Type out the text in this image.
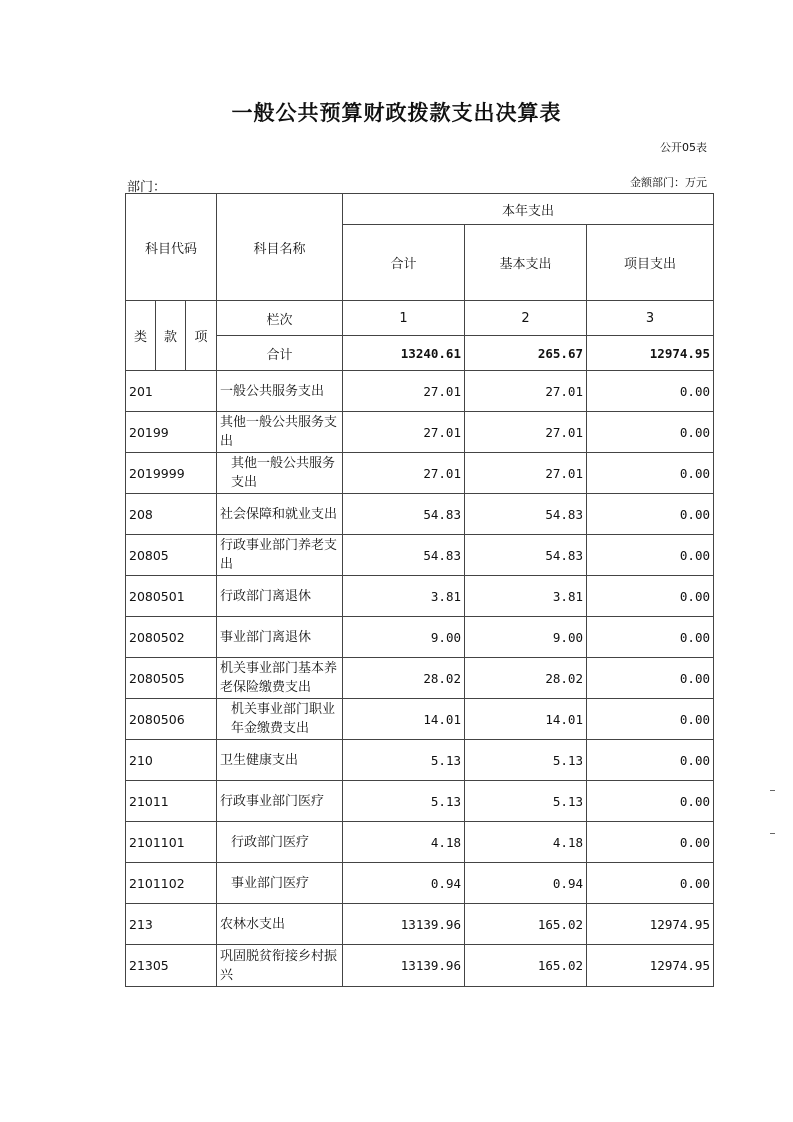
一般公共预算财政拨款支出决算表
公开05表
部门：	金额部门：万元
科目代码			科目名称	本年支出		
				合计	基本支出	项目支出
类	款	项	栏次	1	2	3
			合计	13240.61	265.67	12974.95
201			一般公共服务支出	27.01	27.01	0.00
20199			其他一般公共服务支出	27.01	27.01	0.00
2019999			其他一般公共服务支出	27.01	27.01	0.00
208			社会保障和就业支出	54.83	54.83	0.00
20805			行政事业部门养老支出	54.83	54.83	0.00
2080501			行政部门离退休	3.81	3.81	0.00
2080502			事业部门离退休	9.00	9.00	0.00
2080505			机关事业部门基本养老保险缴费支出	28.02	28.02	0.00
2080506			机关事业部门职业年金缴费支出	14.01	14.01	0.00
210			卫生健康支出	5.13	5.13	0.00
21011			行政事业部门医疗	5.13	5.13	0.00
2101101			行政部门医疗	4.18	4.18	0.00
2101102			事业部门医疗	0.94	0.94	0.00
213			农林水支出	13139.96	165.02	12974.95
21305			巩固脱贫衔接乡村振兴	13139.96	165.02	12974.95
